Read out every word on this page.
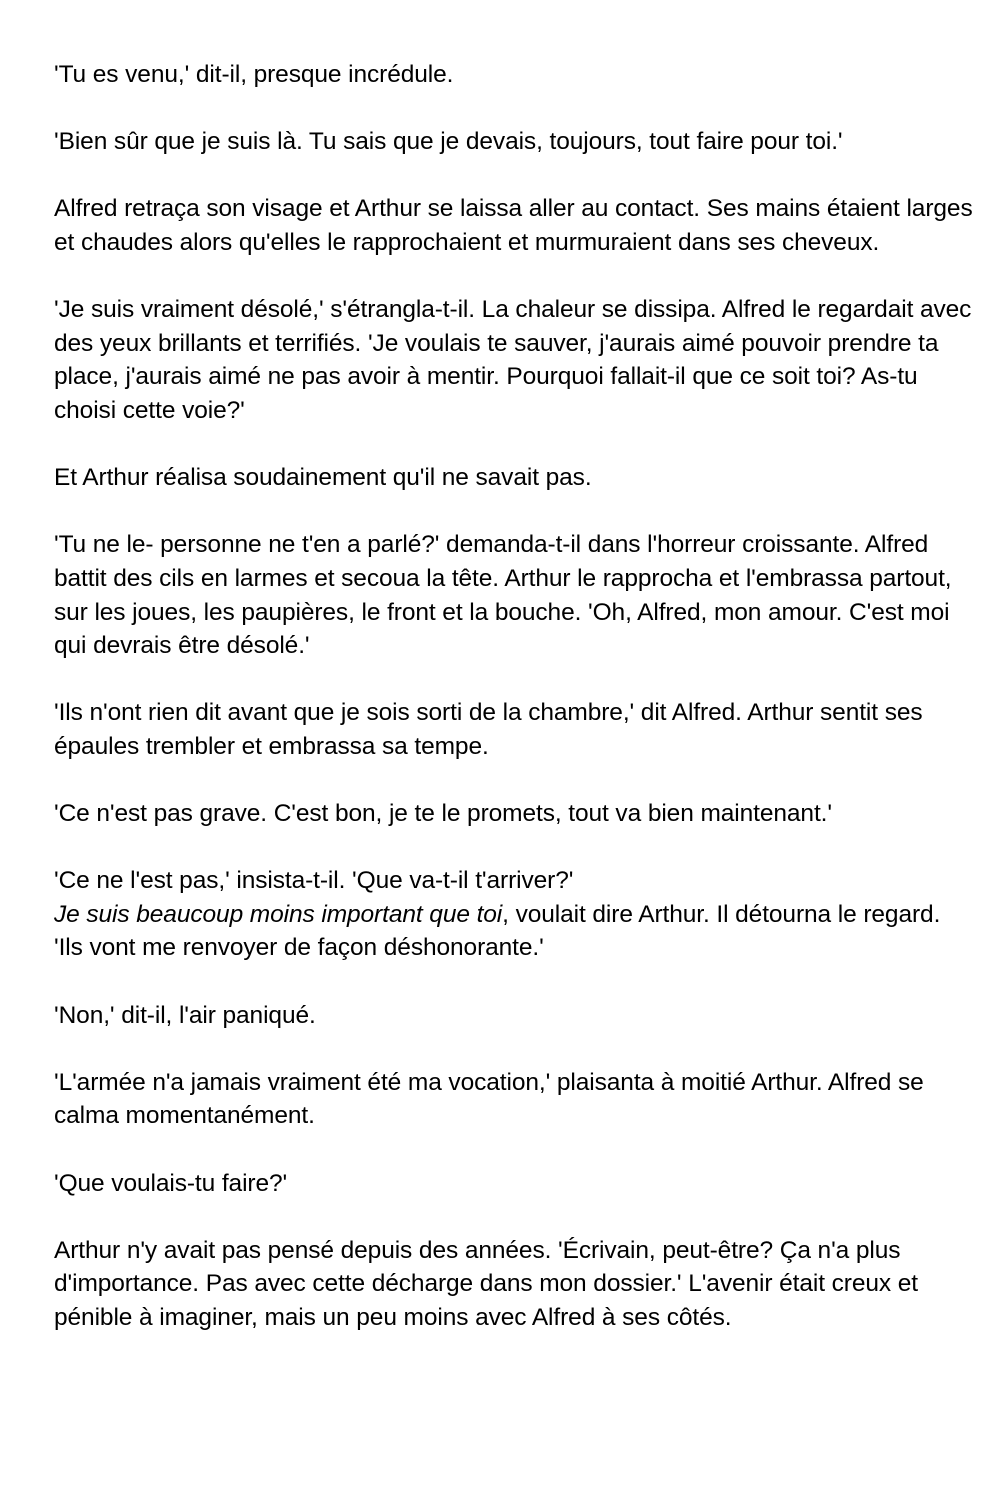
'Tu es venu,' dit-il, presque incrédule.

'Bien sûr que je suis là. Tu sais que je devais, toujours, tout faire pour toi.'

Alfred retraça son visage et Arthur se laissa aller au contact. Ses mains étaient larges et chaudes alors qu'elles le rapprochaient et murmuraient dans ses cheveux.

'Je suis vraiment désolé,' s'étrangla-t-il. La chaleur se dissipa. Alfred le regardait avec des yeux brillants et terrifiés. 'Je voulais te sauver, j'aurais aimé pouvoir prendre ta place, j'aurais aimé ne pas avoir à mentir. Pourquoi fallait-il que ce soit toi? As-tu choisi cette voie?'

Et Arthur réalisa soudainement qu'il ne savait pas.

'Tu ne le- personne ne t'en a parlé?' demanda-t-il dans l'horreur croissante. Alfred battit des cils en larmes et secoua la tête. Arthur le rapprocha et l'embrassa partout, sur les joues, les paupières, le front et la bouche. 'Oh, Alfred, mon amour. C'est moi qui devrais être désolé.'

'Ils n'ont rien dit avant que je sois sorti de la chambre,' dit Alfred. Arthur sentit ses épaules trembler et embrassa sa tempe.

'Ce n'est pas grave. C'est bon, je te le promets, tout va bien maintenant.'

'Ce ne l'est pas,' insista-t-il. 'Que va-t-il t'arriver?'

Je suis beaucoup moins important que toi, voulait dire Arthur. Il détourna le regard. 'Ils vont me renvoyer de façon déshonorante.'

'Non,' dit-il, l'air paniqué.

'L'armée n'a jamais vraiment été ma vocation,' plaisanta à moitié Arthur. Alfred se calma momentanément.

'Que voulais-tu faire?'

Arthur n'y avait pas pensé depuis des années. 'Écrivain, peut-être? Ça n'a plus d'importance. Pas avec cette décharge dans mon dossier.' L'avenir était creux et pénible à imaginer, mais un peu moins avec Alfred à ses côtés.
